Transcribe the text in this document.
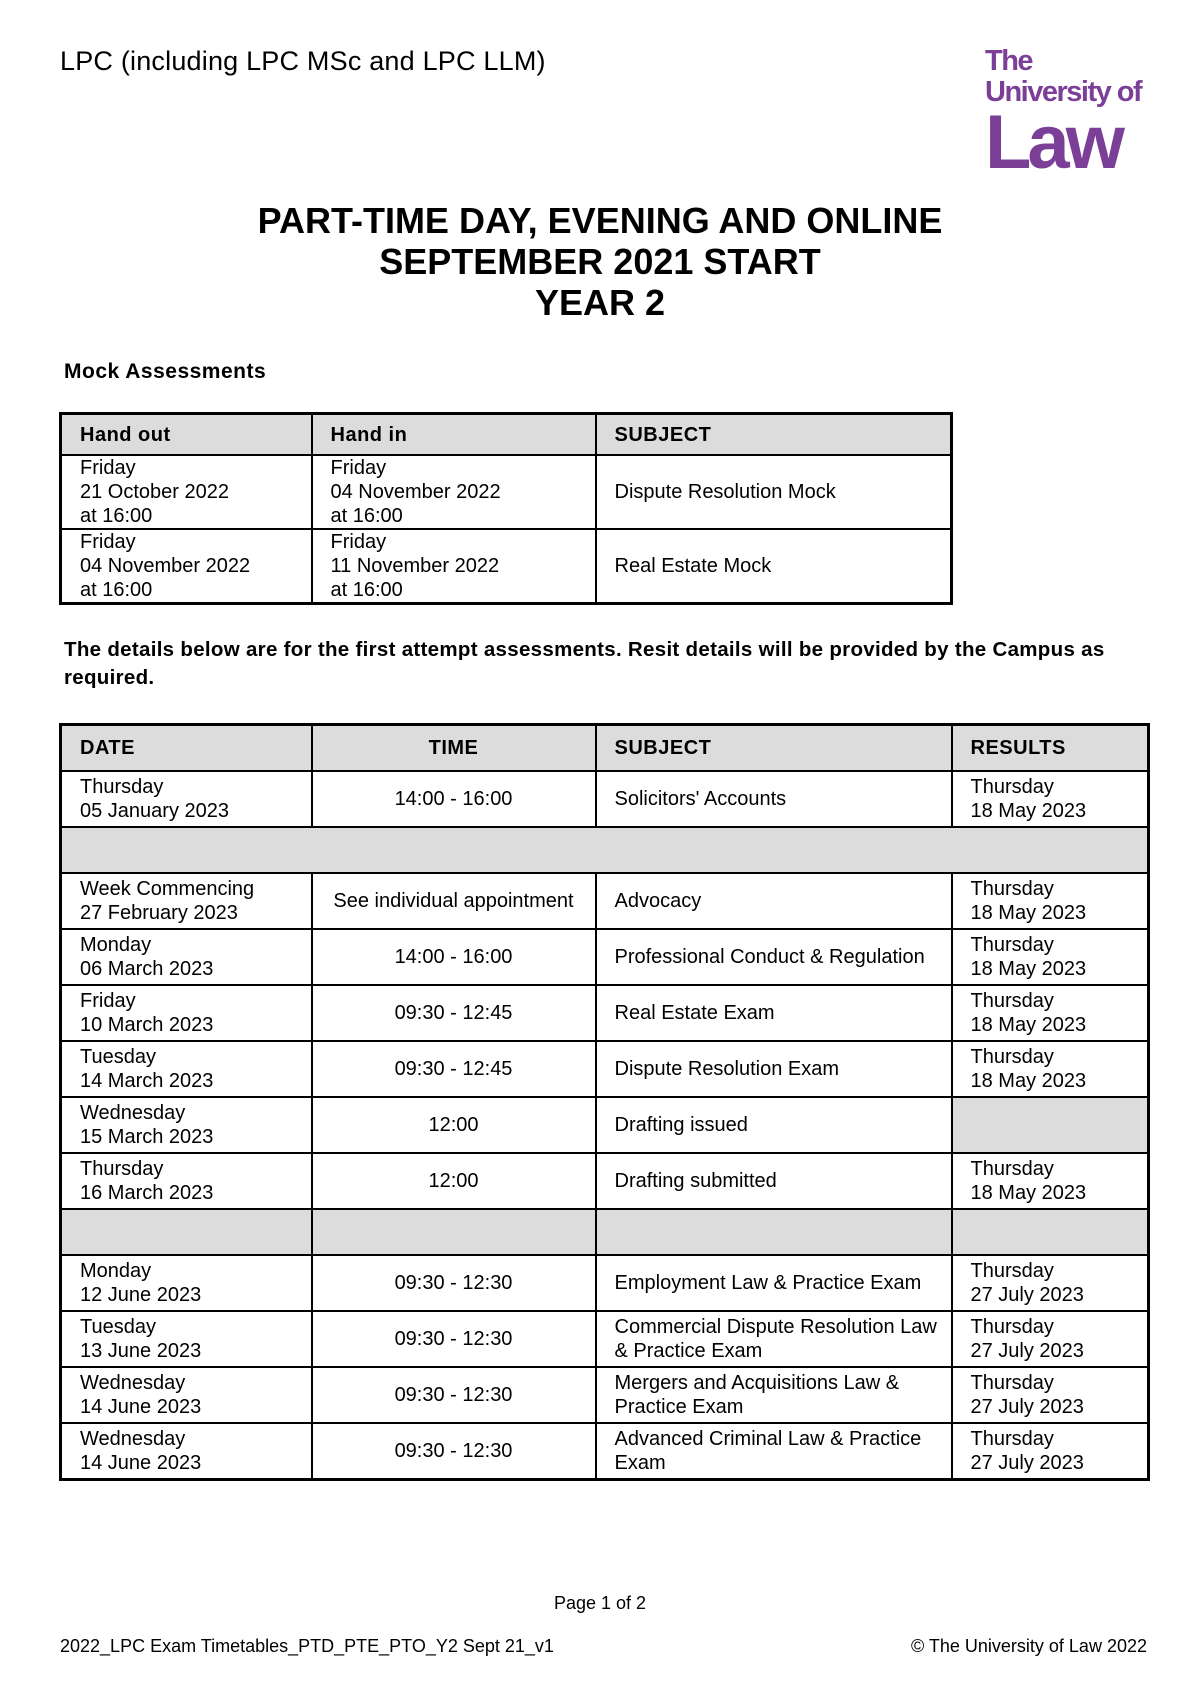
LPC (including LPC MSc and LPC LLM)	The
University of
Law
PART-TIME DAY, EVENING AND ONLINE
SEPTEMBER 2021 START
YEAR 2
Mock Assessments
Hand out	Hand in	SUBJECT

Friday
21 October 2022
at 16:00	Friday
04 November 2022
at 16:00	Dispute Resolution Mock

Friday
04 November 2022
at 16:00	Friday
11 November 2022
at 16:00	Real Estate Mock
The details below are for the first attempt assessments. Resit details will be provided by the Campus as required.
DATE	TIME	SUBJECT	RESULTS

Thursday
05 January 2023	14:00 - 16:00	Solicitors' Accounts	Thursday
18 May 2023

Week Commencing
27 February 2023	See individual appointment	Advocacy	Thursday
18 May 2023

Monday
06 March 2023	14:00 - 16:00	Professional Conduct & Regulation	Thursday
18 May 2023

Friday
10 March 2023	09:30 - 12:45	Real Estate Exam	Thursday
18 May 2023

Tuesday
14 March 2023	09:30 - 12:45	Dispute Resolution Exam	Thursday
18 May 2023

Wednesday
15 March 2023	12:00	Drafting issued	

Thursday
16 March 2023	12:00	Drafting submitted	Thursday
18 May 2023

Monday
12 June 2023	09:30 - 12:30	Employment Law & Practice Exam	Thursday
27 July 2023

Tuesday
13 June 2023	09:30 - 12:30	Commercial Dispute Resolution Law & Practice Exam	Thursday
27 July 2023

Wednesday
14 June 2023	09:30 - 12:30	Mergers and Acquisitions Law & Practice Exam	Thursday
27 July 2023

Wednesday
14 June 2023	09:30 - 12:30	Advanced Criminal Law & Practice Exam	Thursday
27 July 2023
Page 1 of 2
2022_LPC Exam Timetables_PTD_PTE_PTO_Y2 Sept 21_v1	© The University of Law 2022
